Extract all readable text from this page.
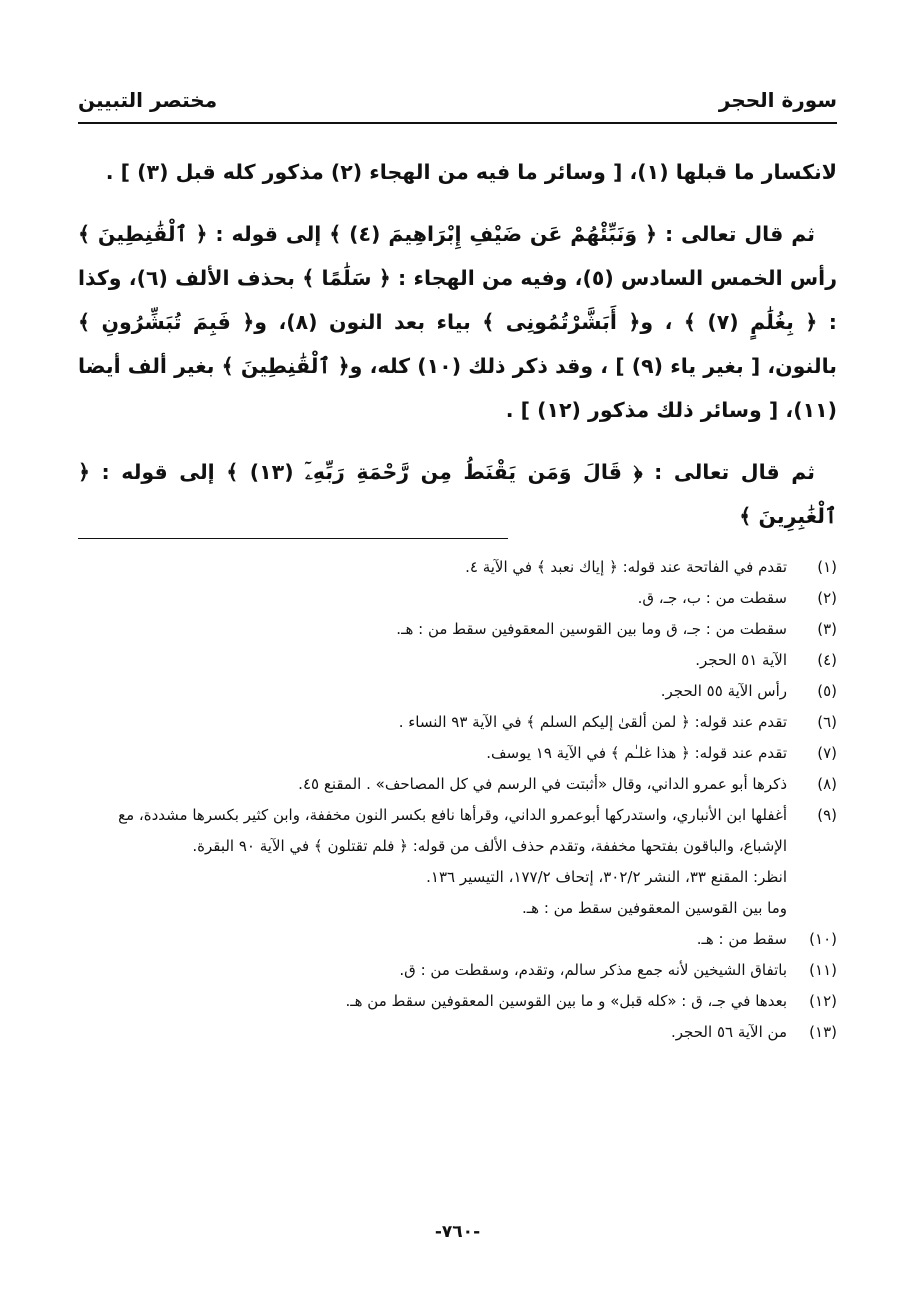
سورة الحجر
مختصر التبيين

لانكسار ما قبلها (١)، [ وسائر ما فيه من الهجاء (٢) مذكور كله قبل (٣) ] .

ثم قال تعالى : ﴿ وَنَبِّئْهُمْ عَن ضَيْفِ إِبْرَاهِيمَ (٤) ﴾ إلى قوله : ﴿ ٱلْقَٰنِطِينَ ﴾ رأس الخمس السادس (٥)، وفيه من الهجاء : ﴿ سَلَٰمًا ﴾ بحذف الألف (٦)، وكذا : ﴿ بِغُلَٰمٍ (٧) ﴾ ، و﴿ أَبَشَّرْتُمُونِى ﴾ بياء بعد النون (٨)، و﴿ فَبِمَ تُبَشِّرُونِ ﴾ بالنون، [ بغير ياء (٩) ] ، وقد ذكر ذلك (١٠) كله، و﴿ ٱلْقَٰنِطِينَ ﴾ بغير ألف أيضا (١١)، [ وسائر ذلك مذكور (١٢) ] .

ثم قال تعالى : ﴿ قَالَ وَمَن يَقْنَطُ مِن رَّحْمَةِ رَبِّهِۦٓ (١٣) ﴾ إلى قوله : ﴿ ٱلْغَٰبِرِينَ ﴾

(١)
تقدم في الفاتحة عند قوله: ﴿ إياك نعبد ﴾ في الآية ٤.
(٢)
سقطت من : ب، جـ، ق.
(٣)
سقطت من : جـ، ق وما بين القوسين المعقوفين سقط من : هـ.
(٤)
الآية ٥١ الحجر.
(٥)
رأس الآية ٥٥ الحجر.
(٦)
تقدم عند قوله: ﴿ لمن ألقىٰ إليكم السلم ﴾ في الآية ٩٣ النساء .
(٧)
تقدم عند قوله: ﴿ هذا غلـٰم ﴾ في الآية ١٩ يوسف.
(٨)
ذكرها أبو عمرو الداني، وقال «أثبتت في الرسم في كل المصاحف» . المقنع ٤٥.
(٩)
أغفلها ابن الأنباري، واستدركها أبوعمرو الداني، وقرأها نافع بكسر النون مخففة، وابن كثير بكسرها مشددة، مع الإشباع، والباقون بفتحها مخففة، وتقدم حذف الألف من قوله: ﴿ فلم تقتلون ﴾ في الآية ٩٠ البقرة.
انظر: المقنع ٣٣، النشر ٣٠٢/٢، إتحاف ١٧٧/٢، التيسير ١٣٦.
وما بين القوسين المعقوفين سقط من : هـ.
(١٠)
سقط من : هـ.
(١١)
باتفاق الشيخين لأنه جمع مذكر سالم، وتقدم، وسقطت من : ق.
(١٢)
بعدها في جـ، ق : «كله قبل» و ما بين القوسين المعقوفين سقط من هـ.
(١٣)
من الآية ٥٦ الحجر.
-٧٦٠-
